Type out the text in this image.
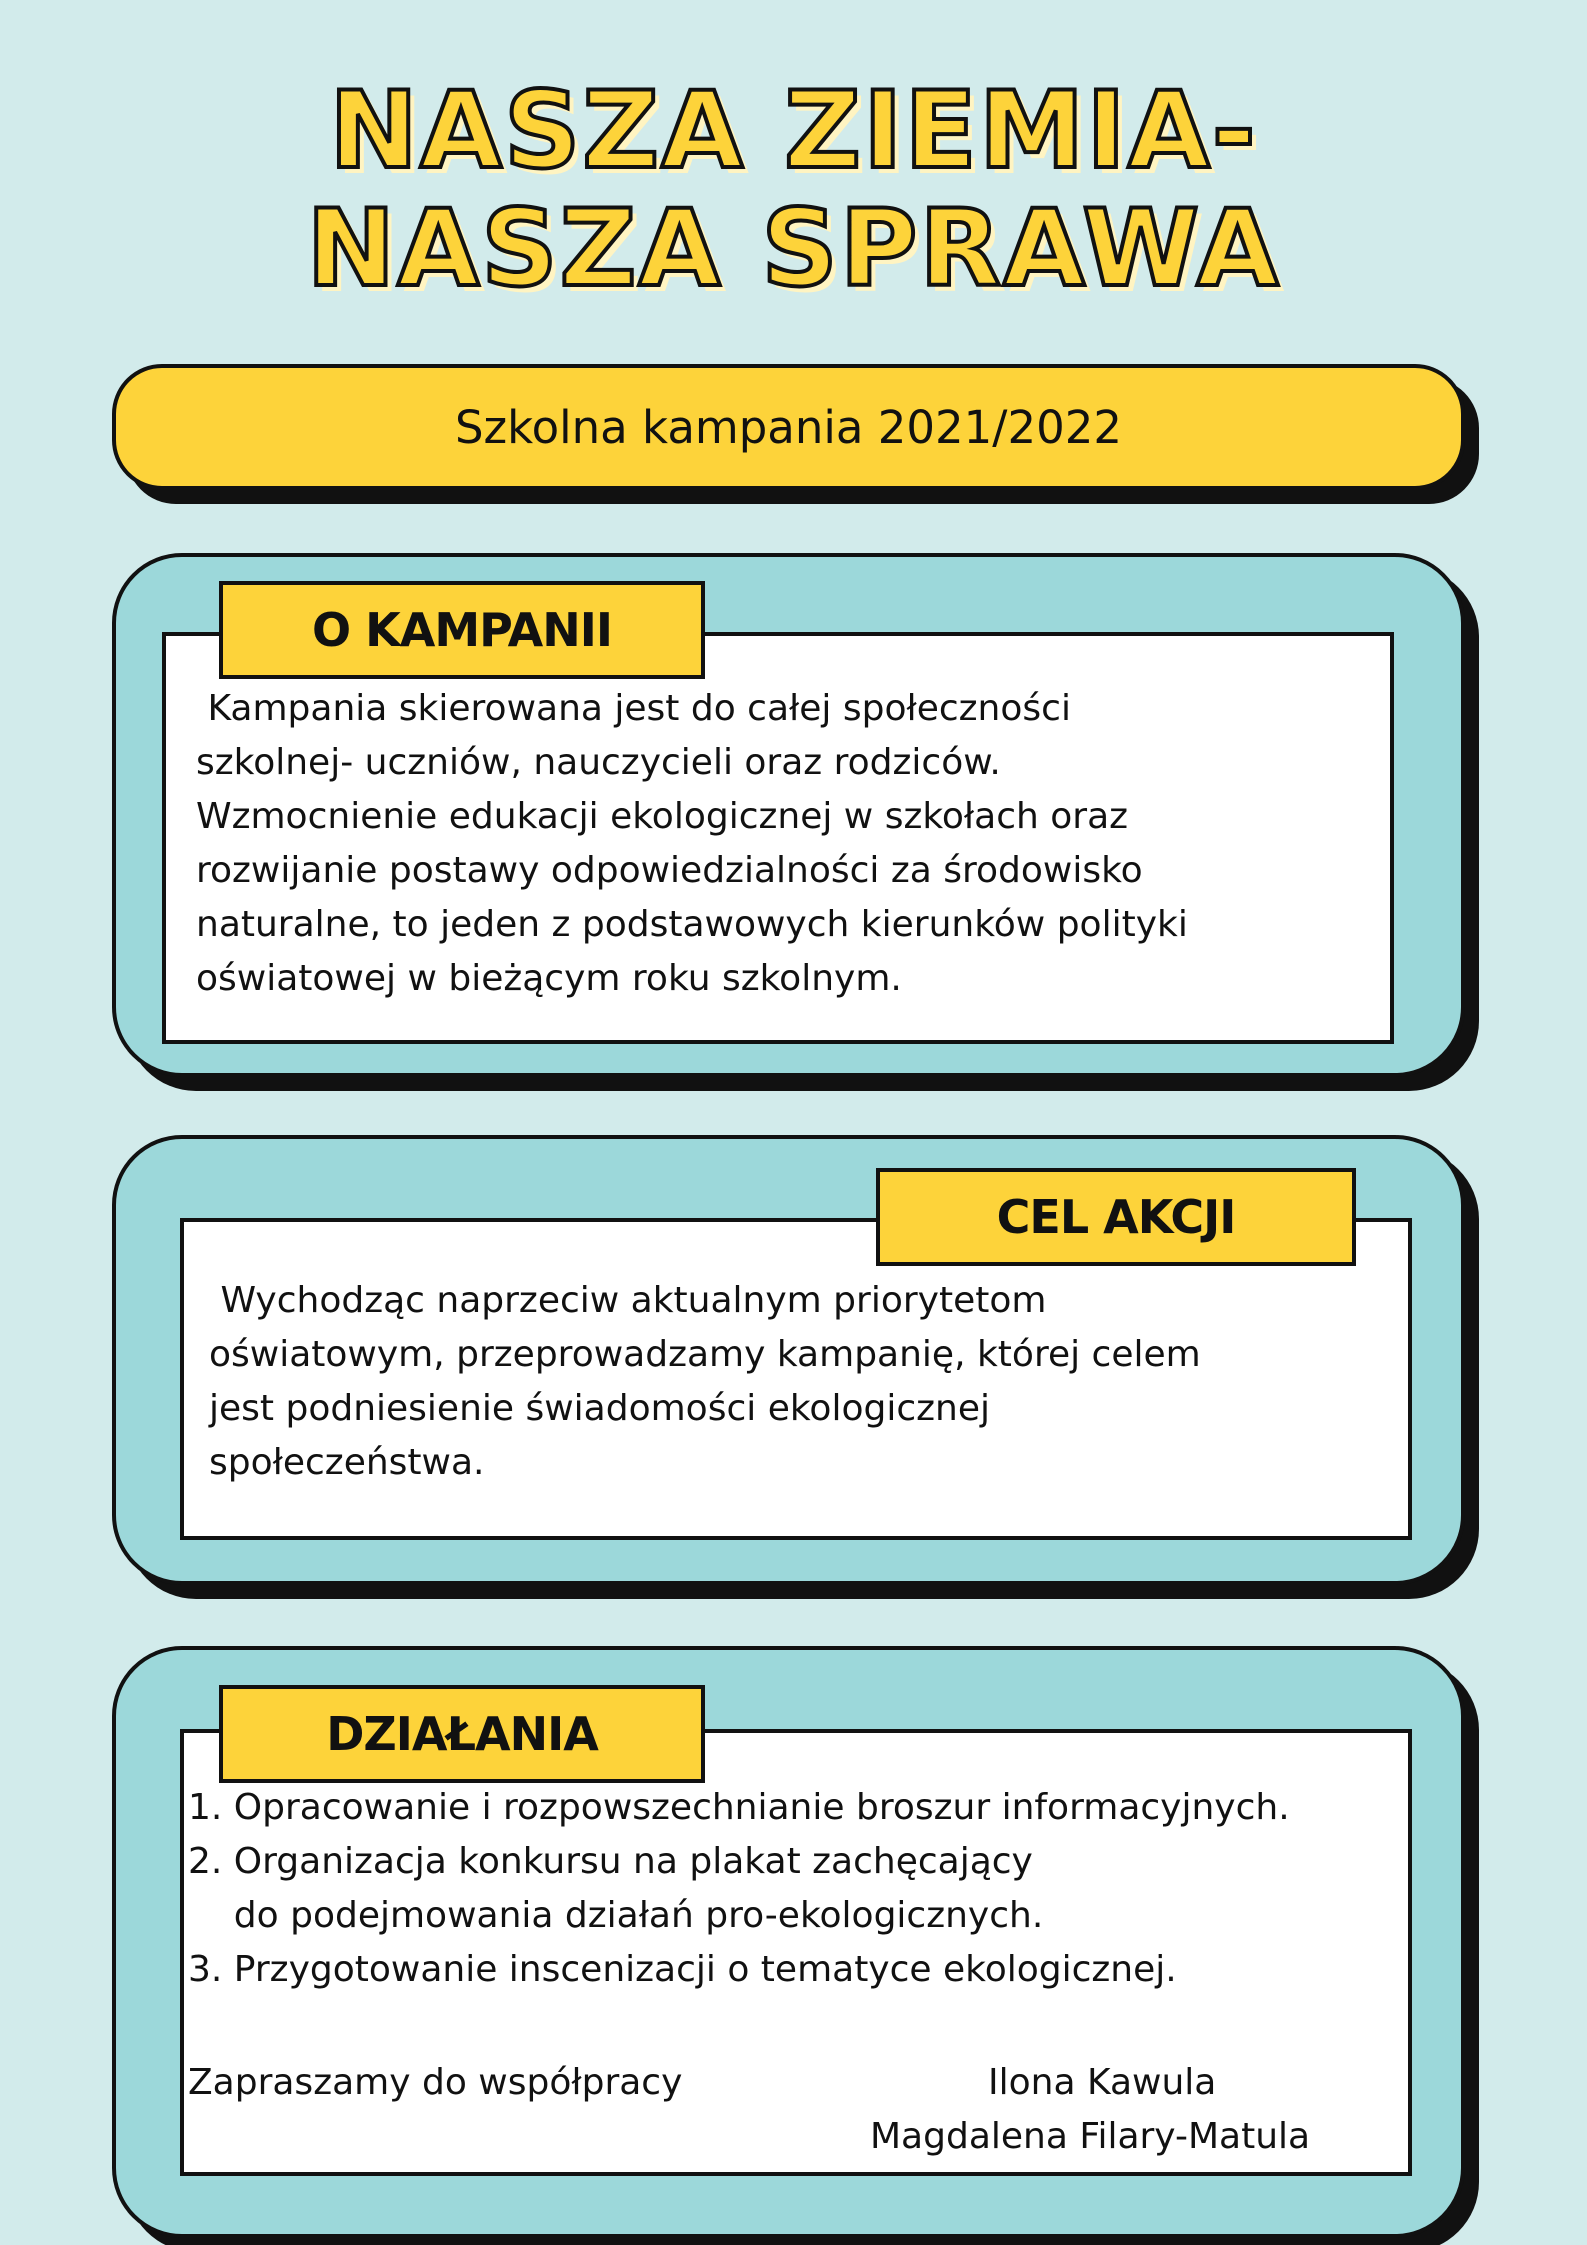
NASZA ZIEMIA-
NASZA SPRAWA
Szkolna kampania 2021/2022
Kampania skierowana jest do całej społeczności
szkolnej- uczniów, nauczycieli oraz rodziców.
Wzmocnienie edukacji ekologicznej w szkołach oraz
rozwijanie postawy odpowiedzialności za środowisko
naturalne, to jeden z podstawowych kierunków polityki
oświatowej w bieżącym roku szkolnym.
O KAMPANII
Wychodząc naprzeciw aktualnym priorytetom
oświatowym, przeprowadzamy kampanię, której celem
jest podniesienie świadomości ekologicznej
społeczeństwa.
CEL AKCJI
1. Opracowanie i rozpowszechnianie broszur informacyjnych.
2. Organizacja konkursu na plakat zachęcający
do podejmowania działań pro-ekologicznych.
3. Przygotowanie inscenizacji o tematyce ekologicznej.
Zapraszamy do współpracy	Ilona Kawula
Magdalena Filary-Matula
DZIAŁANIA
